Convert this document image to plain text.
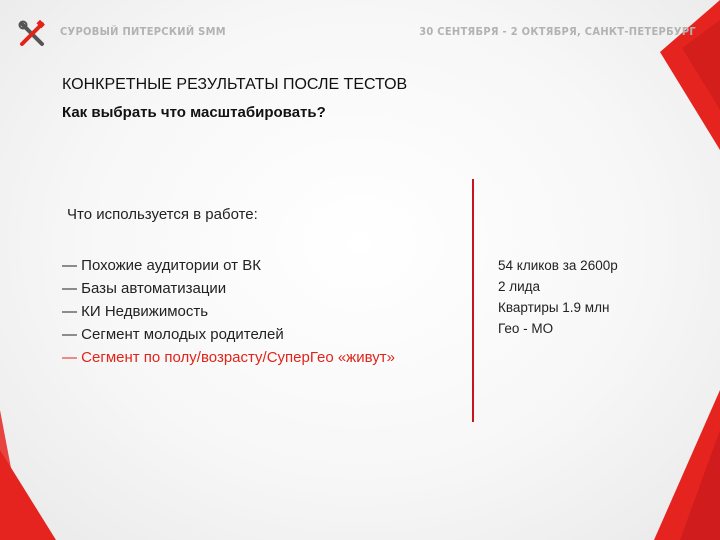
СУРОВЫЙ ПИТЕРСКИЙ SMM	30 СЕНТЯБРЯ - 2 ОКТЯБРЯ, САНКТ-ПЕТЕРБУРГ
КОНКРЕТНЫЕ РЕЗУЛЬТАТЫ ПОСЛЕ ТЕСТОВ
Как выбрать что масштабировать?
Что используется в работе:
— Похожие аудитории от ВК
— Базы автоматизации
— КИ Недвижимость
— Сегмент молодых родителей
— Сегмент по полу/возрасту/СуперГео «живут»
54 кликов за 2600р
2 лида
Квартиры 1.9 млн
Гео - МО
